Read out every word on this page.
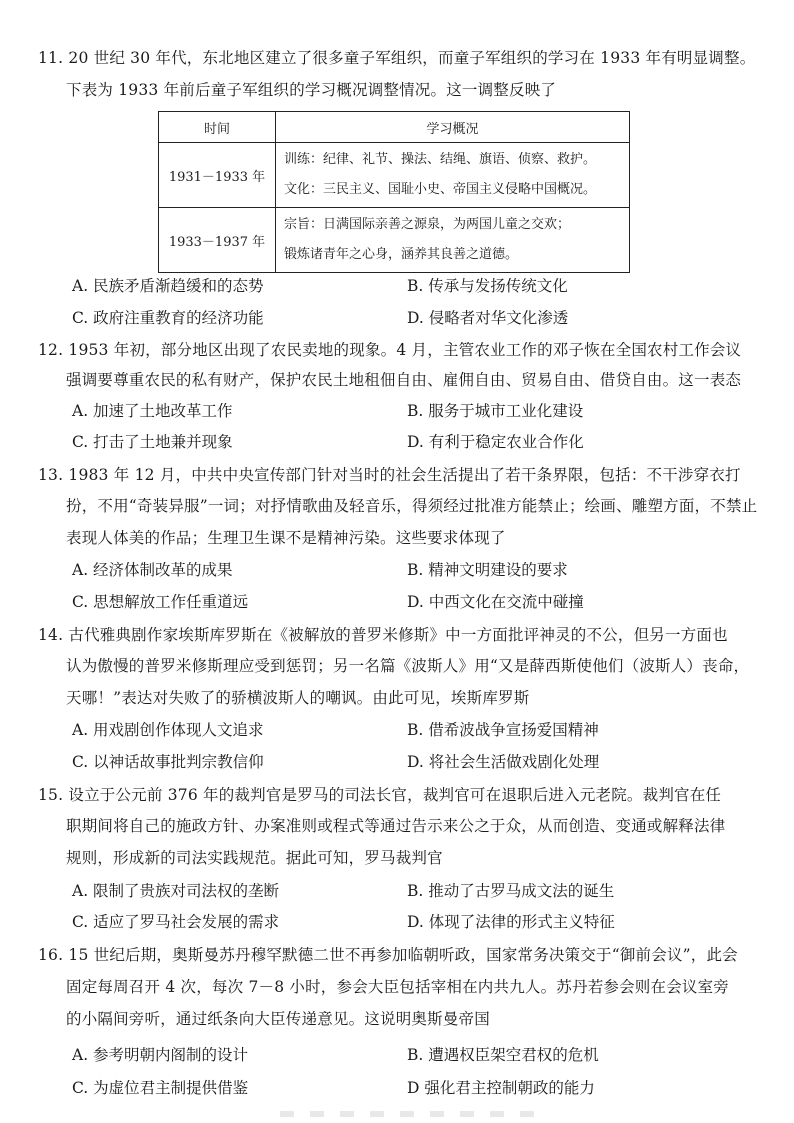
11. 20 世纪 30 年代，东北地区建立了很多童子军组织，而童子军组织的学习在 1933 年有明显调整。
下表为 1933 年前后童子军组织的学习概况调整情况。这一调整反映了
时间	学习概况
1931－1933 年	训练：纪律、礼节、操法、结绳、旗语、侦察、救护。
文化：三民主义、国耻小史、帝国主义侵略中国概况。

1933－1937 年	宗旨：日满国际亲善之源泉，为两国儿童之交欢；
锻炼诸青年之心身，涵养其良善之道德。
A. 民族矛盾渐趋缓和的态势	B. 传承与发扬传统文化
C. 政府注重教育的经济功能	D. 侵略者对华文化渗透
12. 1953 年初，部分地区出现了农民卖地的现象。4 月，主管农业工作的邓子恢在全国农村工作会议
强调要尊重农民的私有财产，保护农民土地租佃自由、雇佣自由、贸易自由、借贷自由。这一表态
A. 加速了土地改革工作	B. 服务于城市工业化建设
C. 打击了土地兼并现象	D. 有利于稳定农业合作化
13. 1983 年 12 月，中共中央宣传部门针对当时的社会生活提出了若干条界限，包括：不干涉穿衣打
扮，不用“奇装异服”一词；对抒情歌曲及轻音乐，得须经过批准方能禁止；绘画、雕塑方面，不禁止
表现人体美的作品；生理卫生课不是精神污染。这些要求体现了
A. 经济体制改革的成果	B. 精神文明建设的要求
C. 思想解放工作任重道远	D. 中西文化在交流中碰撞
14. 古代雅典剧作家埃斯库罗斯在《被解放的普罗米修斯》中一方面批评神灵的不公，但另一方面也
认为傲慢的普罗米修斯理应受到惩罚；另一名篇《波斯人》用“又是薛西斯使他们（波斯人）丧命，
天哪！”表达对失败了的骄横波斯人的嘲讽。由此可见，埃斯库罗斯
A. 用戏剧创作体现人文追求	B. 借希波战争宣扬爱国精神
C. 以神话故事批判宗教信仰	D. 将社会生活做戏剧化处理
15. 设立于公元前 376 年的裁判官是罗马的司法长官，裁判官可在退职后进入元老院。裁判官在任
职期间将自己的施政方针、办案准则或程式等通过告示来公之于众，从而创造、变通或解释法律
规则，形成新的司法实践规范。据此可知，罗马裁判官
A. 限制了贵族对司法权的垄断	B. 推动了古罗马成文法的诞生
C. 适应了罗马社会发展的需求	D. 体现了法律的形式主义特征
16. 15 世纪后期，奥斯曼苏丹穆罕默德二世不再参加临朝听政，国家常务决策交于“御前会议”，此会
固定每周召开 4 次，每次 7－8 小时，参会大臣包括宰相在内共九人。苏丹若参会则在会议室旁
的小隔间旁听，通过纸条向大臣传递意见。这说明奥斯曼帝国
A. 参考明朝内阁制的设计	B. 遭遇权臣架空君权的危机
C. 为虚位君主制提供借鉴	D 强化君主控制朝政的能力
